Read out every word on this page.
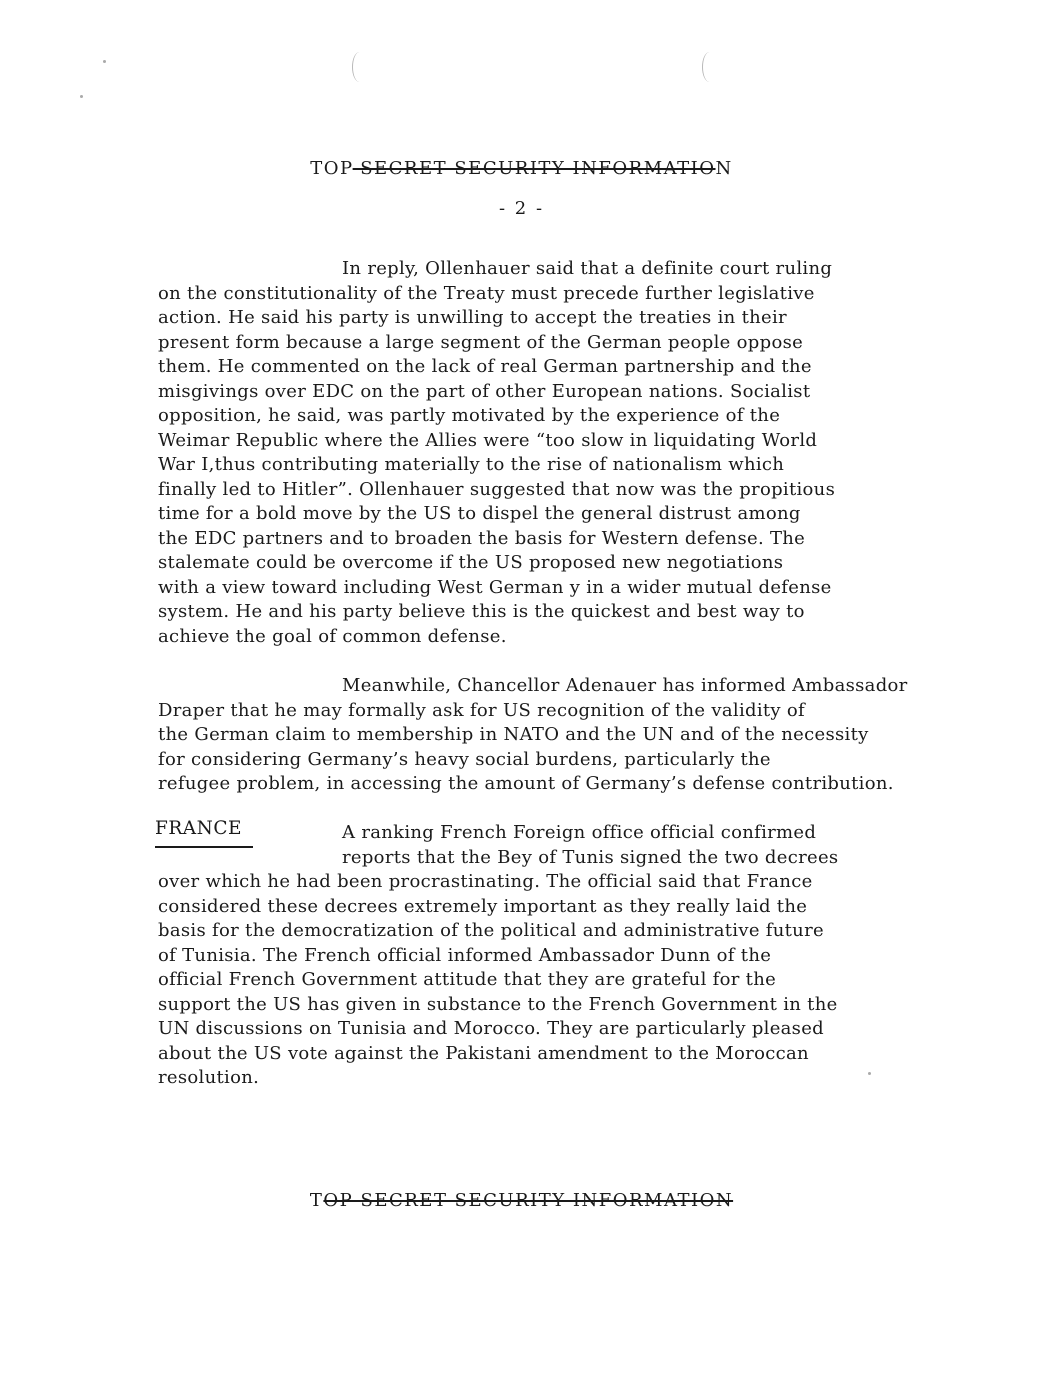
TOP-SECRET SECURITY INFORMATION
- 2 -
In reply, Ollenhauer said that a definite court ruling
on the constitutionality of the Treaty must precede further legislative
action. He said his party is unwilling to accept the treaties in their
present form because a large segment of the German people oppose
them. He commented on the lack of real German partnership and the
misgivings over EDC on the part of other European nations. Socialist
opposition, he said, was partly motivated by the experience of the
Weimar Republic where the Allies were “too slow in liquidating World
War I,thus contributing materially to the rise of nationalism which
finally led to Hitler”. Ollenhauer suggested that now was the propitious
time for a bold move by the US to dispel the general distrust among
the EDC partners and to broaden the basis for Western defense. The
stalemate could be overcome if the US proposed new negotiations
with a view toward including West German y in a wider mutual defense
system. He and his party believe this is the quickest and best way to
achieve the goal of common defense.
Meanwhile, Chancellor Adenauer has informed Ambassador
Draper that he may formally ask for US recognition of the validity of
the German claim to membership in NATO and the UN and of the necessity
for considering Germany’s heavy social burdens, particularly the
refugee problem, in accessing the amount of Germany’s defense contribution.
FRANCE	A ranking French Foreign office official confirmed
reports that the Bey of Tunis signed the two decrees
over which he had been procrastinating. The official said that France
considered these decrees extremely important as they really laid the
basis for the democratization of the political and administrative future
of Tunisia. The French official informed Ambassador Dunn of the
official French Government attitude that they are grateful for the
support the US has given in substance to the French Government in the
UN discussions on Tunisia and Morocco. They are particularly pleased
about the US vote against the Pakistani amendment to the Moroccan
resolution.
TOP SECRET SECURITY INFORMATION
